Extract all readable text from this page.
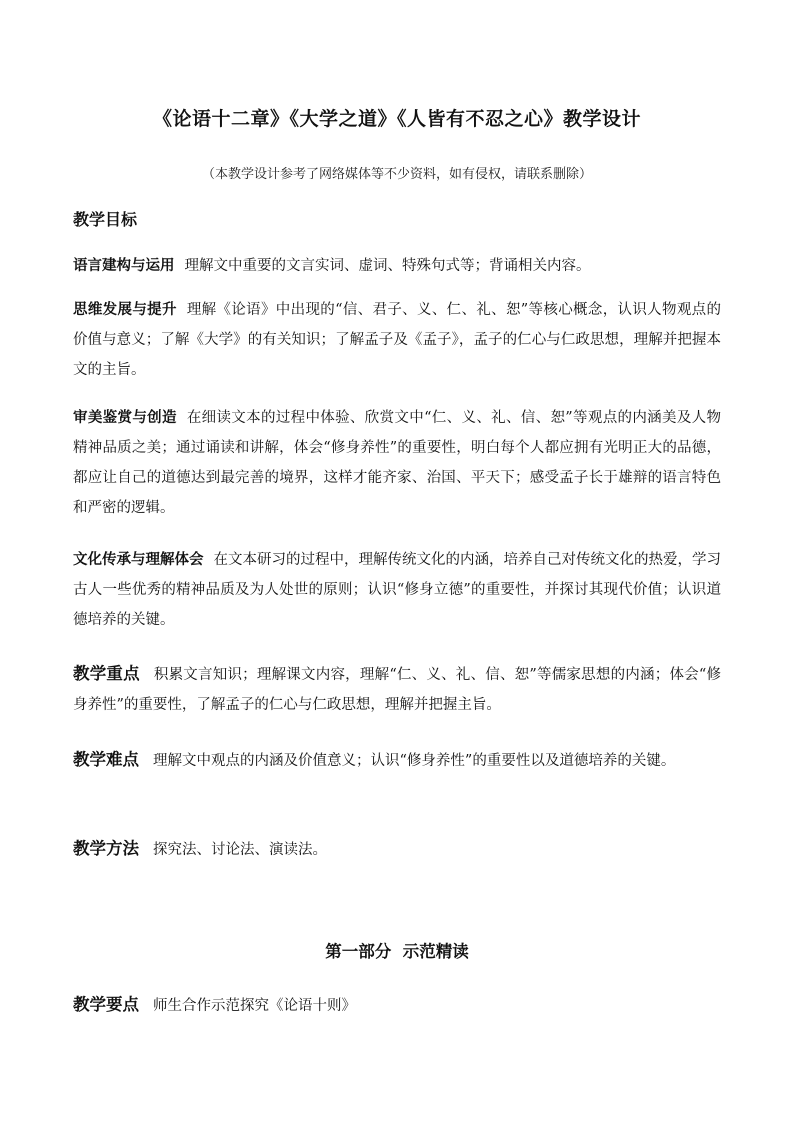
《论语十二章》《大学之道》《人皆有不忍之心》教学设计
（本教学设计参考了网络媒体等不少资料，如有侵权，请联系删除）
教学目标
语言建构与运用 理解文中重要的文言实词、虚词、特殊句式等；背诵相关内容。
思维发展与提升 理解《论语》中出现的“信、君子、义、仁、礼、恕”等核心概念，认识人物观点的价值与意义；了解《大学》的有关知识；了解孟子及《孟子》，孟子的仁心与仁政思想，理解并把握本文的主旨。
审美鉴赏与创造 在细读文本的过程中体验、欣赏文中“仁、义、礼、信、恕”等观点的内涵美及人物精神品质之美；通过诵读和讲解，体会“修身养性”的重要性，明白每个人都应拥有光明正大的品德，都应让自己的道德达到最完善的境界，这样才能齐家、治国、平天下；感受孟子长于雄辩的语言特色和严密的逻辑。
文化传承与理解体会 在文本研习的过程中，理解传统文化的内涵，培养自己对传统文化的热爱，学习古人一些优秀的精神品质及为人处世的原则；认识“修身立德”的重要性，并探讨其现代价值；认识道德培养的关键。
教学重点 积累文言知识；理解课文内容，理解“仁、义、礼、信、恕”等儒家思想的内涵；体会“修身养性”的重要性，了解孟子的仁心与仁政思想，理解并把握主旨。
教学难点 理解文中观点的内涵及价值意义；认识“修身养性”的重要性以及道德培养的关键。
教学方法 探究法、讨论法、演读法。
第一部分  示范精读
教学要点 师生合作示范探究《论语十则》
